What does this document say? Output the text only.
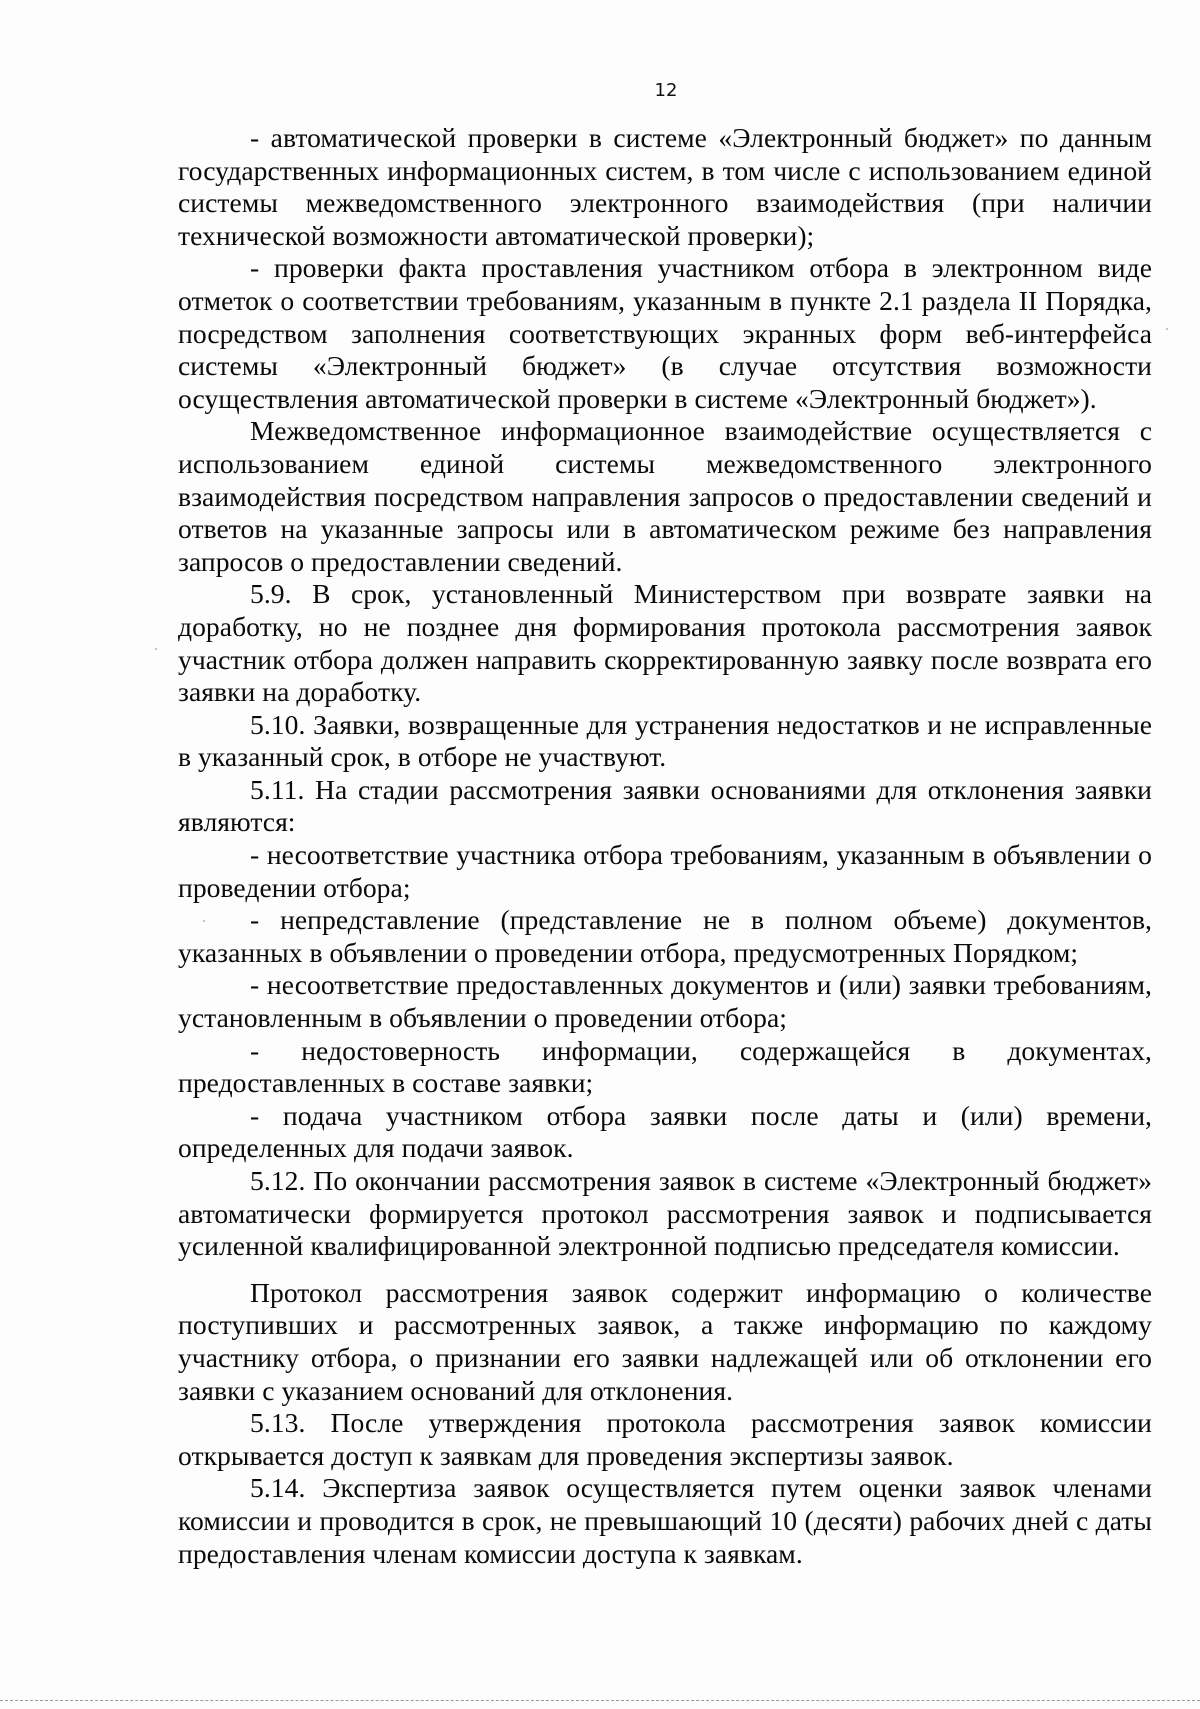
12

- автоматической проверки в системе «Электронный бюджет» по данным государственных информационных систем, в том числе с использованием единой системы межведомственного электронного взаимодействия (при наличии технической возможности автоматической проверки);

- проверки факта проставления участником отбора в электронном виде отметок о соответствии требованиям, указанным в пункте 2.1 раздела II Порядка, посредством заполнения соответствующих экранных форм веб-интерфейса системы «Электронный бюджет» (в случае отсутствия возможности осуществления автоматической проверки в системе «Электронный бюджет»).

Межведомственное информационное взаимодействие осуществляется с использованием единой системы межведомственного электронного взаимодействия посредством направления запросов о предоставлении сведений и ответов на указанные запросы или в автоматическом режиме без направления запросов о предоставлении сведений.

5.9. В срок, установленный Министерством при возврате заявки на доработку, но не позднее дня формирования протокола рассмотрения заявок участник отбора должен направить скорректированную заявку после возврата его заявки на доработку.

5.10. Заявки, возвращенные для устранения недостатков и не исправленные в указанный срок, в отборе не участвуют.

5.11. На стадии рассмотрения заявки основаниями для отклонения заявки являются:

- несоответствие участника отбора требованиям, указанным в объявлении о проведении отбора;

- непредставление (представление не в полном объеме) документов, указанных в объявлении о проведении отбора, предусмотренных Порядком;

- несоответствие предоставленных документов и (или) заявки требованиям, установленным в объявлении о проведении отбора;

- недостоверность информации, содержащейся в документах, предоставленных в составе заявки;

- подача участником отбора заявки после даты и (или) времени, определенных для подачи заявок.

5.12. По окончании рассмотрения заявок в системе «Электронный бюджет» автоматически формируется протокол рассмотрения заявок и подписывается усиленной квалифицированной электронной подписью председателя комиссии.

Протокол рассмотрения заявок содержит информацию о количестве поступивших и рассмотренных заявок, а также информацию по каждому участнику отбора, о признании его заявки надлежащей или об отклонении его заявки с указанием оснований для отклонения.

5.13. После утверждения протокола рассмотрения заявок комиссии открывается доступ к заявкам для проведения экспертизы заявок.

5.14. Экспертиза заявок осуществляется путем оценки заявок членами комиссии и проводится в срок, не превышающий 10 (десяти) рабочих дней с даты предоставления членам комиссии доступа к заявкам.
